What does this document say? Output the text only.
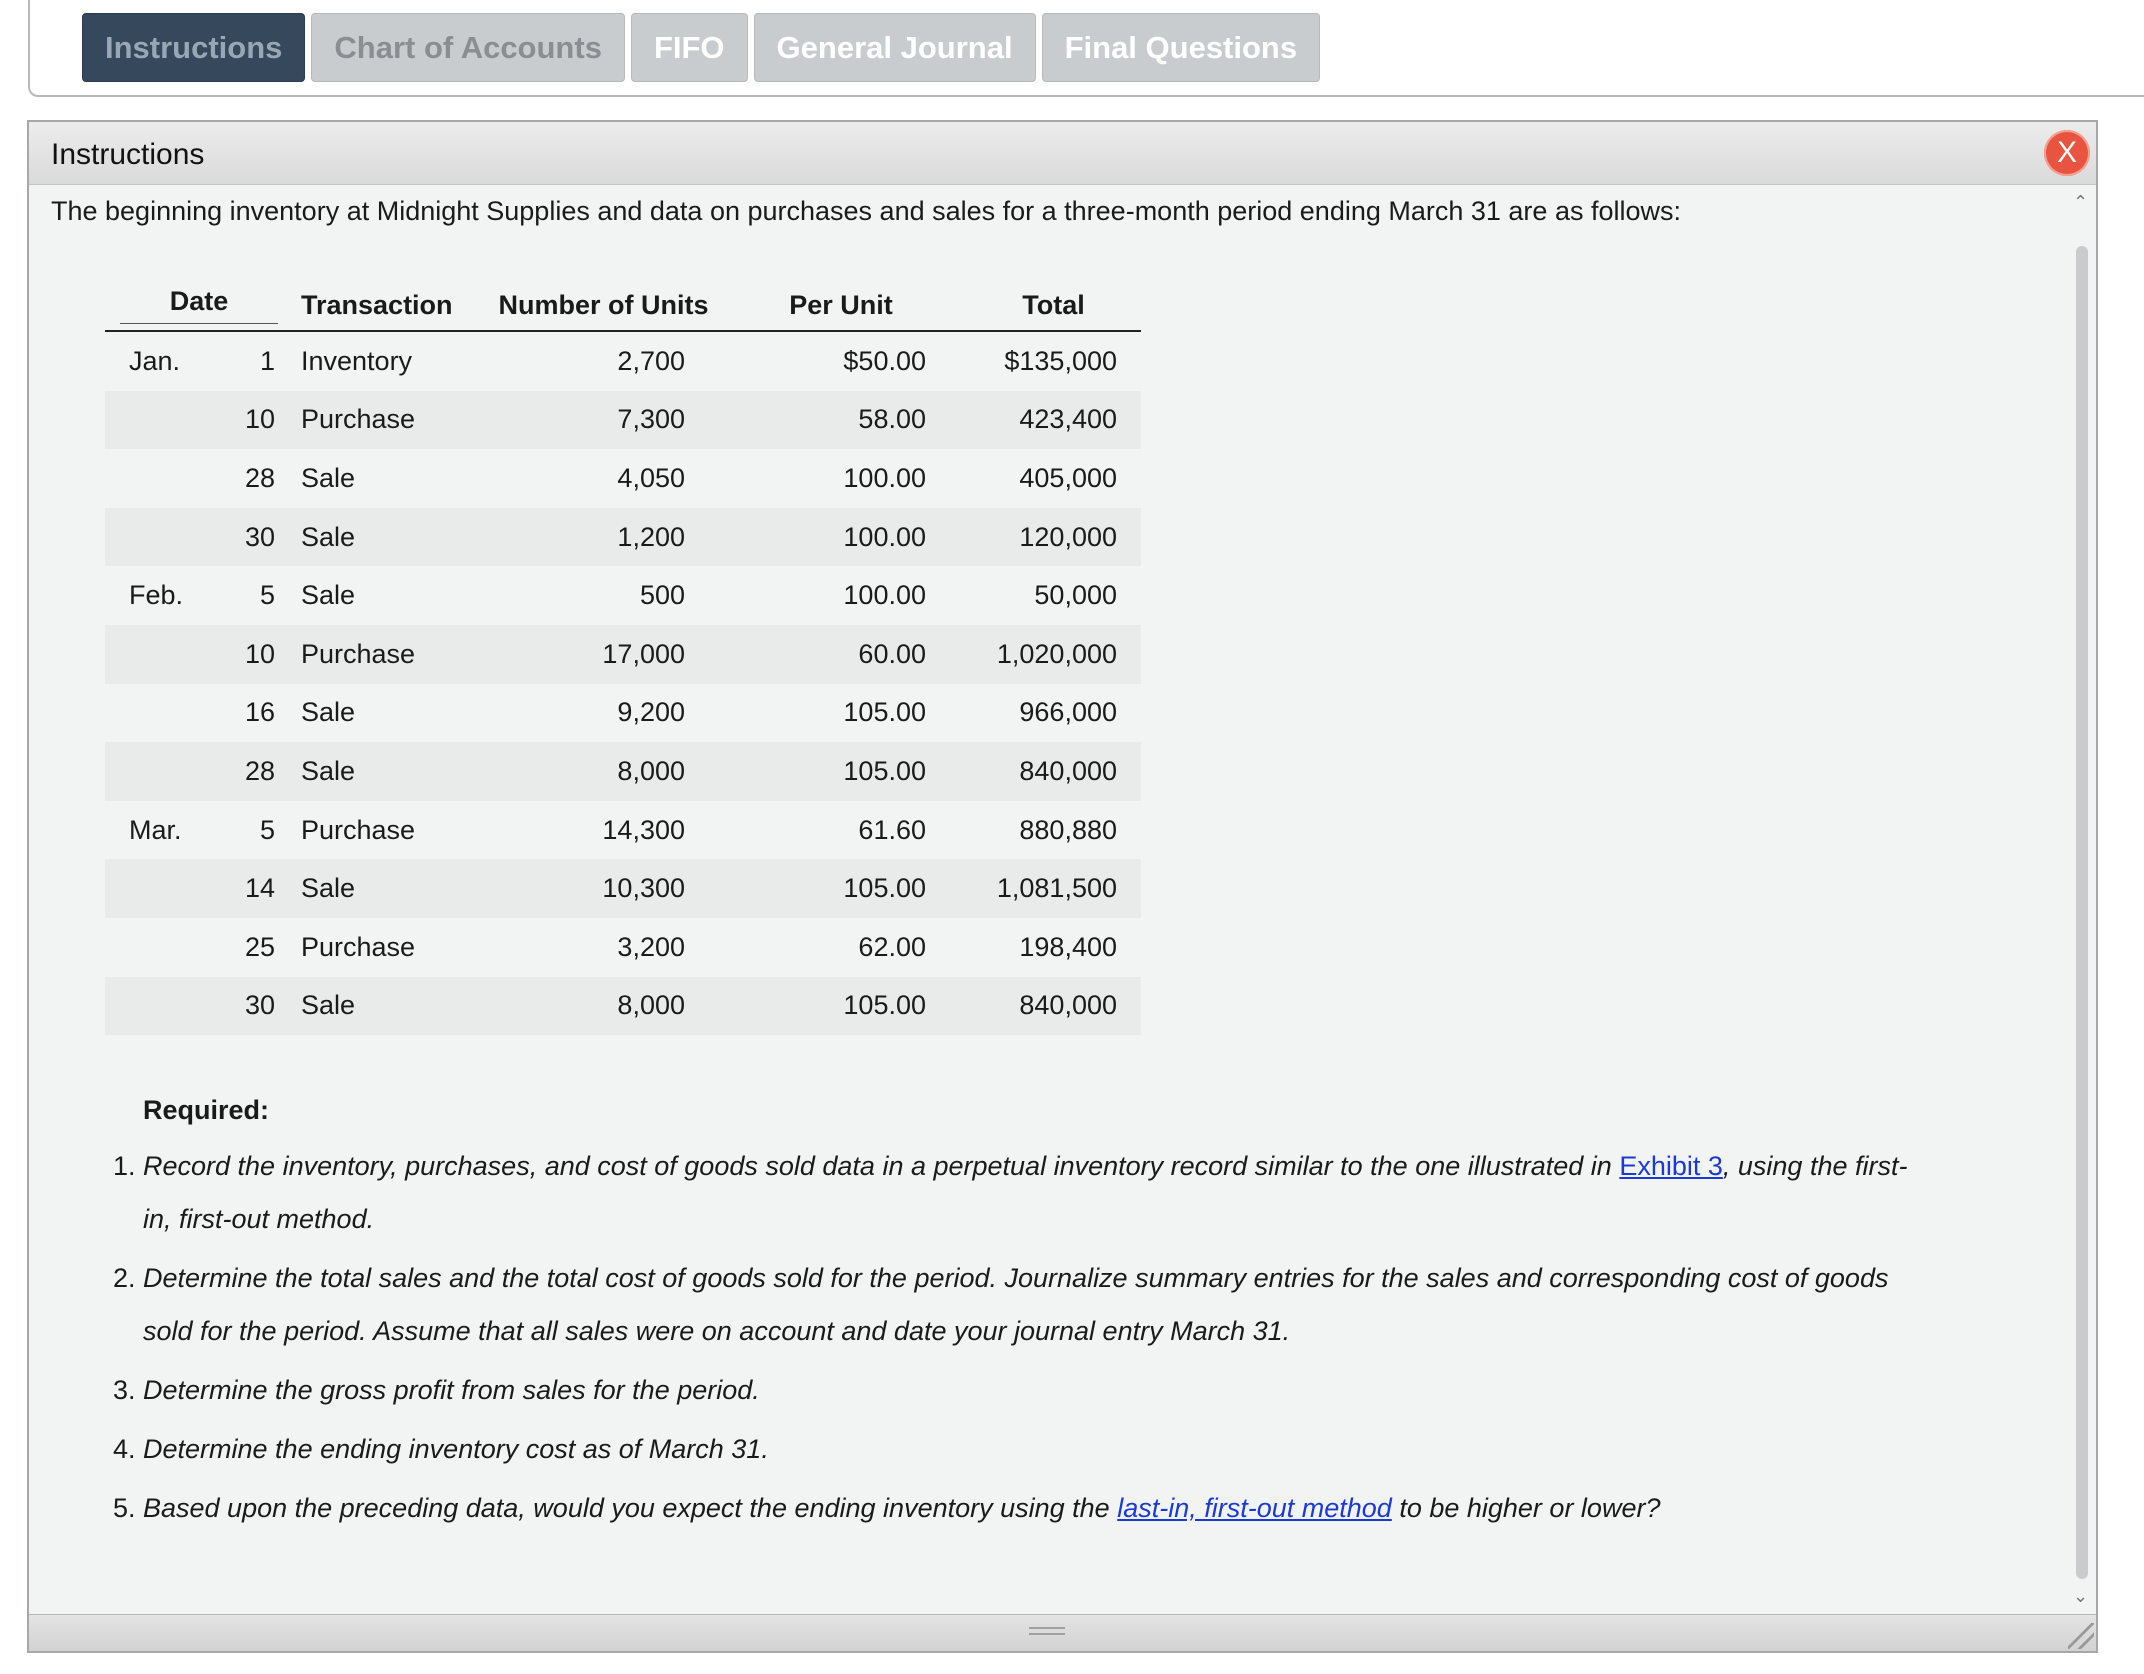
Instructions	Chart of Accounts	FIFO	General Journal	Final Questions
Instructions	X
⌃
⌄

The beginning inventory at Midnight Supplies and data on purchases and sales for a three-month period ending March 31 are as follows:

Date		Transaction	Number of Units	Per Unit	Total
Jan.	1	Inventory	2,700	$50.00	$135,000
	10	Purchase	7,300	58.00	423,400
	28	Sale	4,050	100.00	405,000
	30	Sale	1,200	100.00	120,000
Feb.	5	Sale	500	100.00	50,000
	10	Purchase	17,000	60.00	1,020,000
	16	Sale	9,200	105.00	966,000
	28	Sale	8,000	105.00	840,000
Mar.	5	Purchase	14,300	61.60	880,880
	14	Sale	10,300	105.00	1,081,500
	25	Purchase	3,200	62.00	198,400
	30	Sale	8,000	105.00	840,000
Required:
1. Record the inventory, purchases, and cost of goods sold data in a perpetual inventory record similar to the one illustrated in Exhibit 3, using the first-in, first-out method.
2. Determine the total sales and the total cost of goods sold for the period. Journalize summary entries for the sales and corresponding cost of goods sold for the period. Assume that all sales were on account and date your journal entry March 31.
3. Determine the gross profit from sales for the period.
4. Determine the ending inventory cost as of March 31.
5. Based upon the preceding data, would you expect the ending inventory using the last-in, first-out method to be higher or lower?
